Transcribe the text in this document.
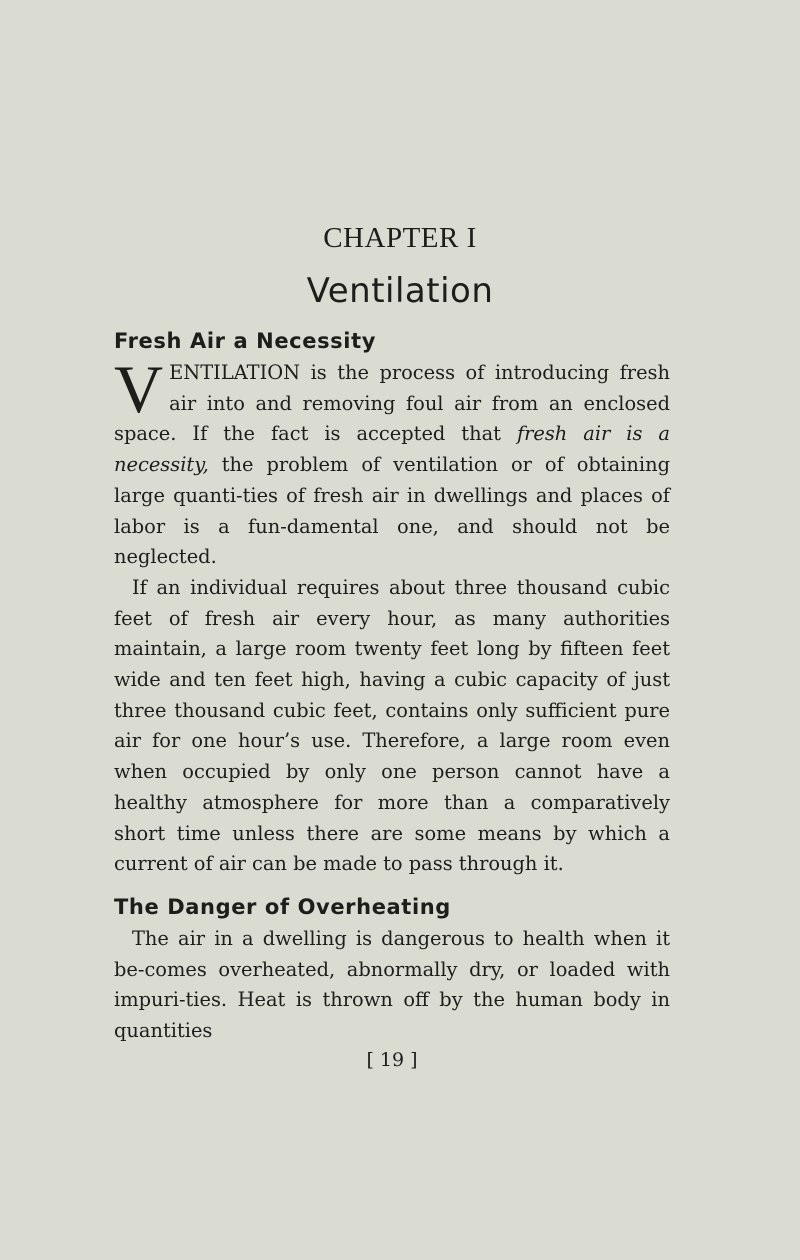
CHAPTER I
Ventilation
Fresh Air a Necessity

VENTILATION is the process of introducing fresh air into and removing foul air from an enclosed space. If the fact is accepted that fresh air is a necessity, the problem of ventilation or of obtaining large quanti-ties of fresh air in dwellings and places of labor is a fun-damental one, and should not be neglected.

If an individual requires about three thousand cubic feet of fresh air every hour, as many authorities maintain, a large room twenty feet long by fifteen feet wide and ten feet high, having a cubic capacity of just three thousand cubic feet, contains only sufficient pure air for one hour’s use. Therefore, a large room even when occupied by only one person cannot have a healthy atmosphere for more than a comparatively short time unless there are some means by which a current of air can be made to pass through it.

The Danger of Overheating

The air in a dwelling is dangerous to health when it be-comes overheated, abnormally dry, or loaded with impuri-ties. Heat is thrown off by the human body in quantities

[ 19 ]
